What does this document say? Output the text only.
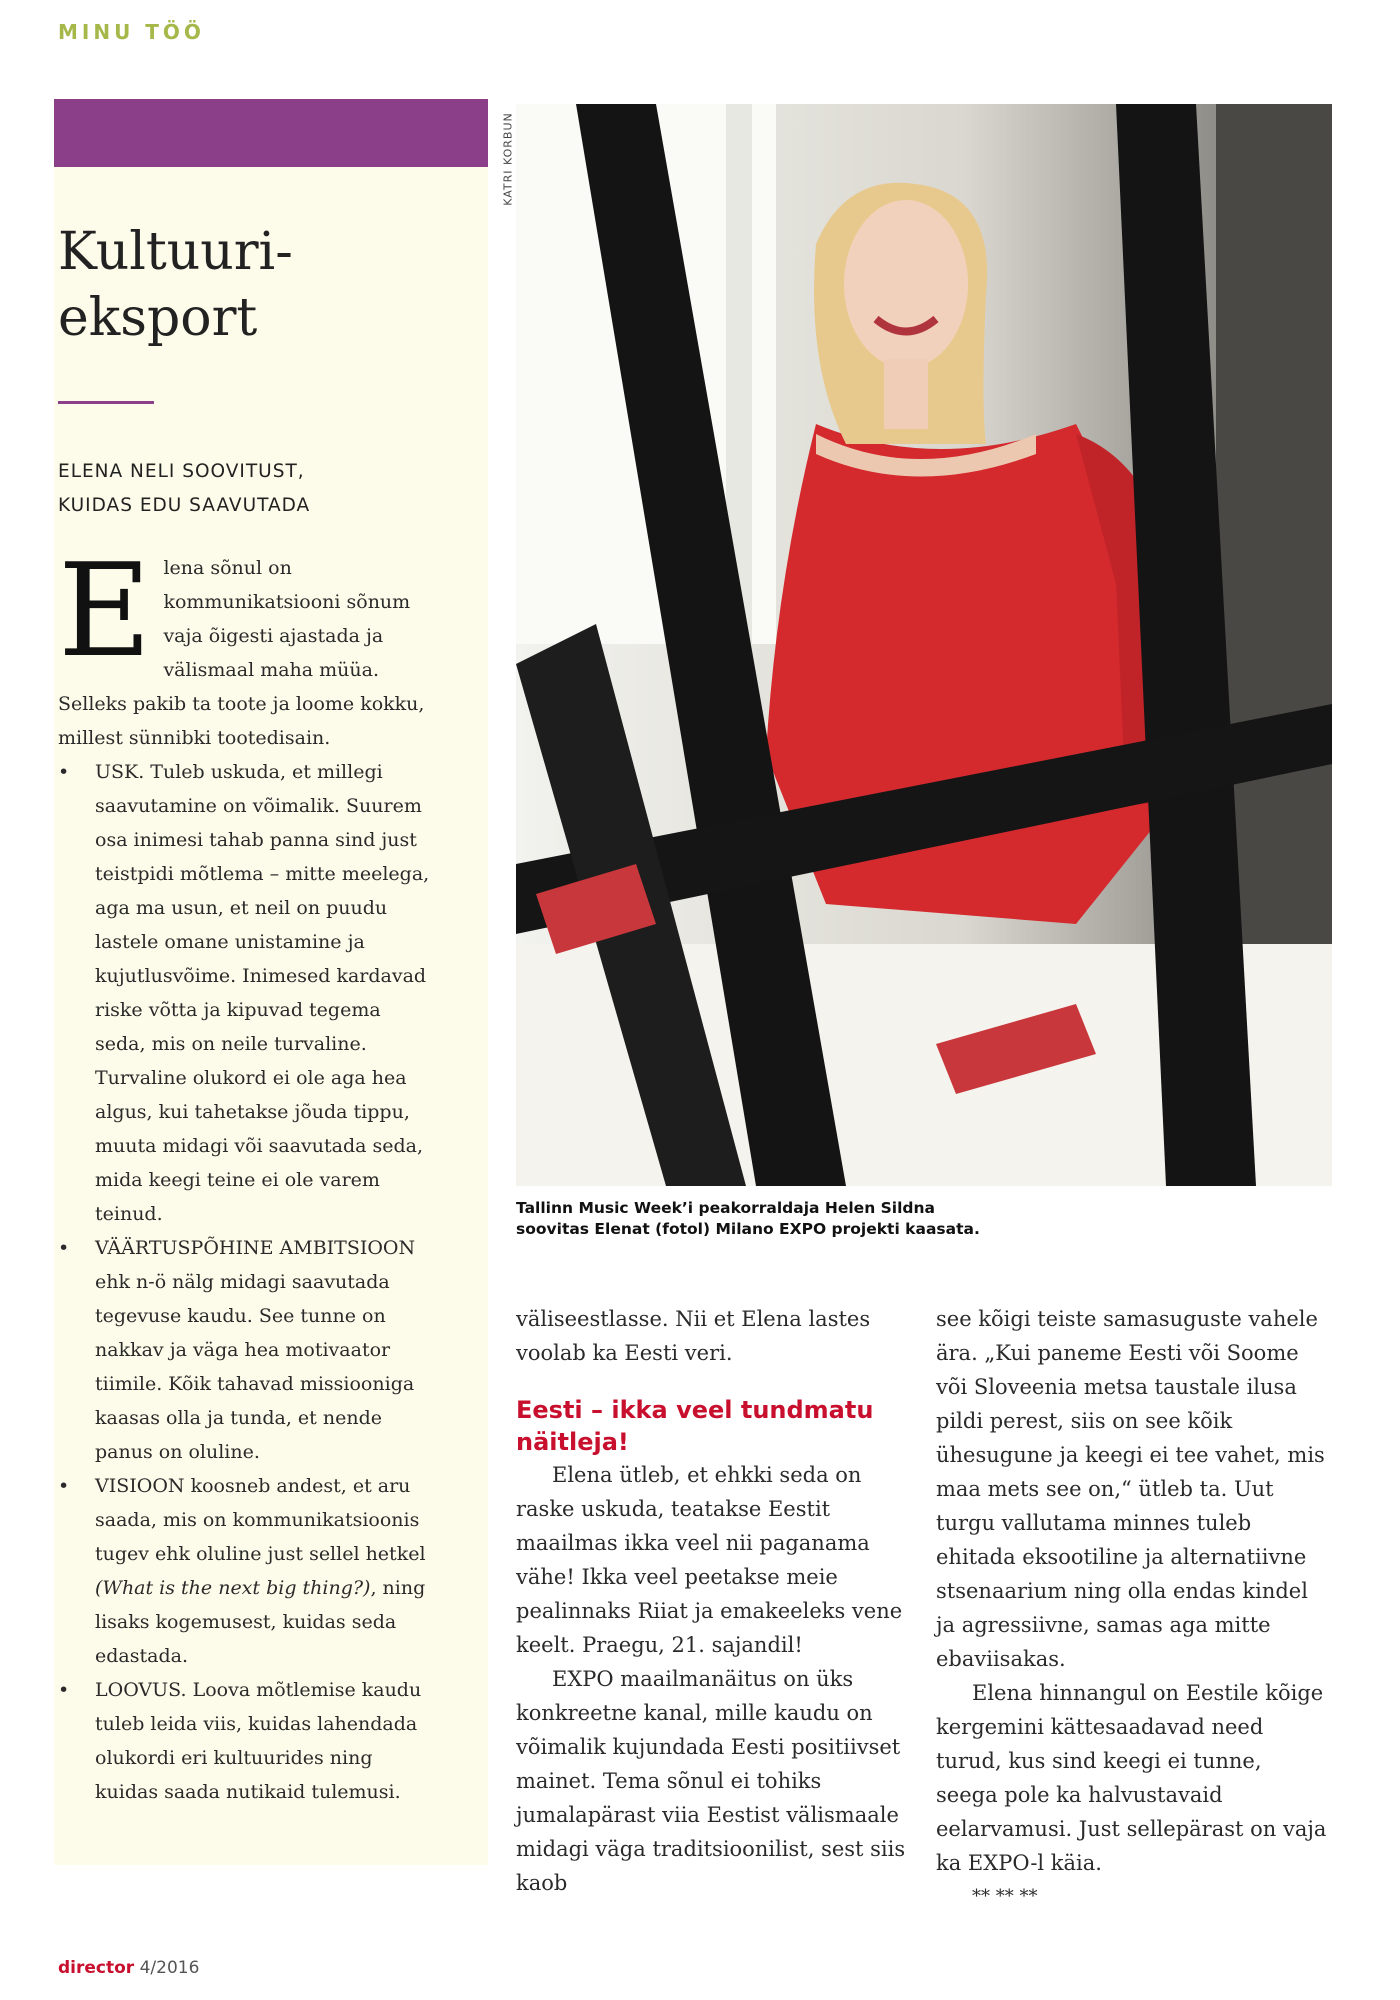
MINU TÖÖ
Kultuuri-
eksport
ELENA NELI SOOVITUST,
KUIDAS EDU SAAVUTADA

Elena sõnul on kommunikatsiooni sõnum vaja õigesti ajastada ja välismaal maha müüa. Selleks pakib ta toote ja loome kokku, millest sünnibki tootedisain.

• USK. Tuleb uskuda, et millegi saavutamine on võimalik. Suurem osa inimesi tahab panna sind just teistpidi mõtlema – mitte meelega, aga ma usun, et neil on puudu lastele omane unistamine ja kujutlusvõime. Inimesed kardavad riske võtta ja kipuvad tegema seda, mis on neile turvaline. Turvaline olukord ei ole aga hea algus, kui tahetakse jõuda tippu, muuta midagi või saavutada seda, mida keegi teine ei ole varem teinud.
• VÄÄRTUSPÕHINE AMBITSIOON ehk n-ö nälg midagi saavutada tegevuse kaudu. See tunne on nakkav ja väga hea motivaator tiimile. Kõik tahavad missiooniga kaasas olla ja tunda, et nende panus on oluline.
• VISIOON koosneb andest, et aru saada, mis on kommunikatsioonis tugev ehk oluline just sellel hetkel (What is the next big thing?), ning lisaks kogemusest, kuidas seda edastada.
• LOOVUS. Loova mõtlemise kaudu tuleb leida viis, kuidas lahendada olukordi eri kultuurides ning kuidas saada nutikaid tulemusi.
KATRI KORBUN
Tallinn Music Week’i peakorraldaja Helen Sildna
soovitas Elenat (fotol) Milano EXPO projekti kaasata.

väliseestlasse. Nii et Elena lastes voolab ka Eesti veri.

Eesti – ikka veel tundmatu näitleja!

Elena ütleb, et ehkki seda on raske uskuda, teatakse Eestit maailmas ikka veel nii paganama vähe! Ikka veel peetakse meie pealinnaks Riiat ja emakeeleks vene keelt. Praegu, 21. sajandil!

EXPO maailmanäitus on üks konkreetne kanal, mille kaudu on võimalik kujundada Eesti positiivset mainet. Tema sõnul ei tohiks jumalapärast viia Eestist välismaale midagi väga traditsioonilist, sest siis kaob

see kõigi teiste samasuguste vahele ära. „Kui paneme Eesti või Soome või Sloveenia metsa taustale ilusa pildi perest, siis on see kõik ühesugune ja keegi ei tee vahet, mis maa mets see on,“ ütleb ta. Uut turgu vallutama minnes tuleb ehitada eksootiline ja alternatiivne stsenaarium ning olla endas kindel ja agressiivne, samas aga mitte ebaviisakas.

Elena hinnangul on Eestile kõige kergemini kättesaadavad need turud, kus sind keegi ei tunne, seega pole ka halvustavaid eelarvamusi. Just sellepärast on vaja ka EXPO-l käia.

** ** **

director 4/2016
